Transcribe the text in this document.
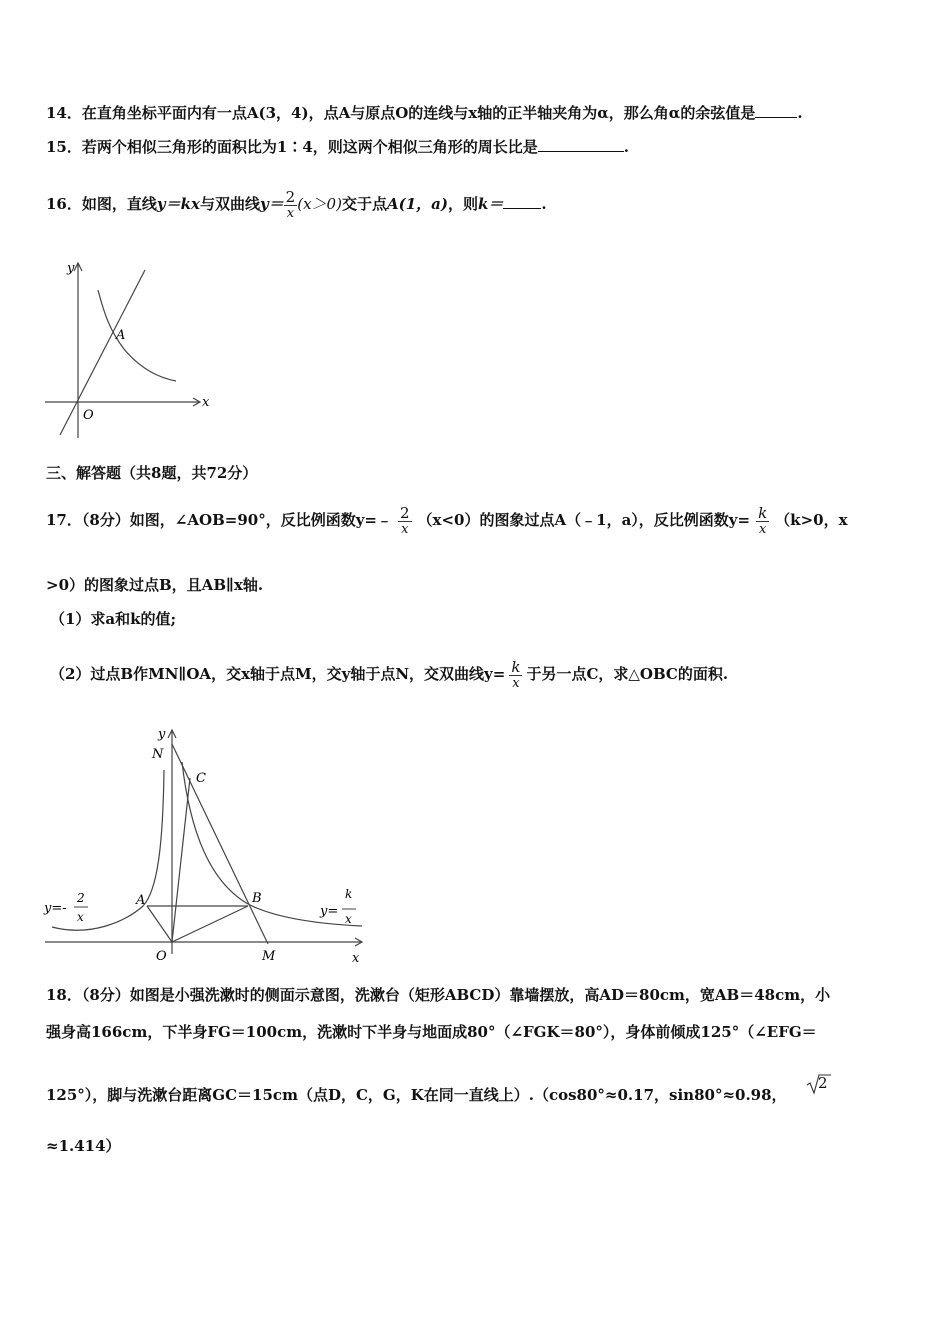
14．在直角坐标平面内有一点A(3，4)，点A与原点O的连线与x轴的正半轴夹角为α，那么角α的余弦值是	.
15．若两个相似三角形的面积比为1∶4，则这两个相似三角形的周长比是	.
16．如图，直线y＝kx与双曲线$y= \frac{2}{x} (x>0)$交于点A(1，a)，则k＝	.
y
x
O
A
三、解答题（共8题，共72分）
17．（8分）如图，∠AOB=90°，反比例函数y=﹣ $\frac{2}{x} (x<0)$的图象过点A（﹣1，a），反比例函数$y= \frac{k}{x} (k>0$，x
>0）的图象过点B，且AB∥x轴.
（1）求a和k的值;
（2）过点B作MN∥OA，交x轴于点M，交y轴于点N，交双曲线$y= \frac{k}{x}$ 于另一点C，求△OBC的面积.
y
N
C
A	B
O	M	x
y=-
2
x	y=
k
x
18．（8分）如图是小强洗漱时的侧面示意图，洗漱台（矩形ABCD）靠墙摆放，高AD＝80cm，宽AB＝48cm，小
强身高166cm，下半身FG＝100cm，洗漱时下半身与地面成80°（∠FGK＝80°），身体前倾成125°（∠EFG＝
125°），脚与洗漱台距离GC＝15cm（点D，C，G，K在同一直线上）.（cos80°≈0.17，sin80°≈0.98，
2
≈1.414）
